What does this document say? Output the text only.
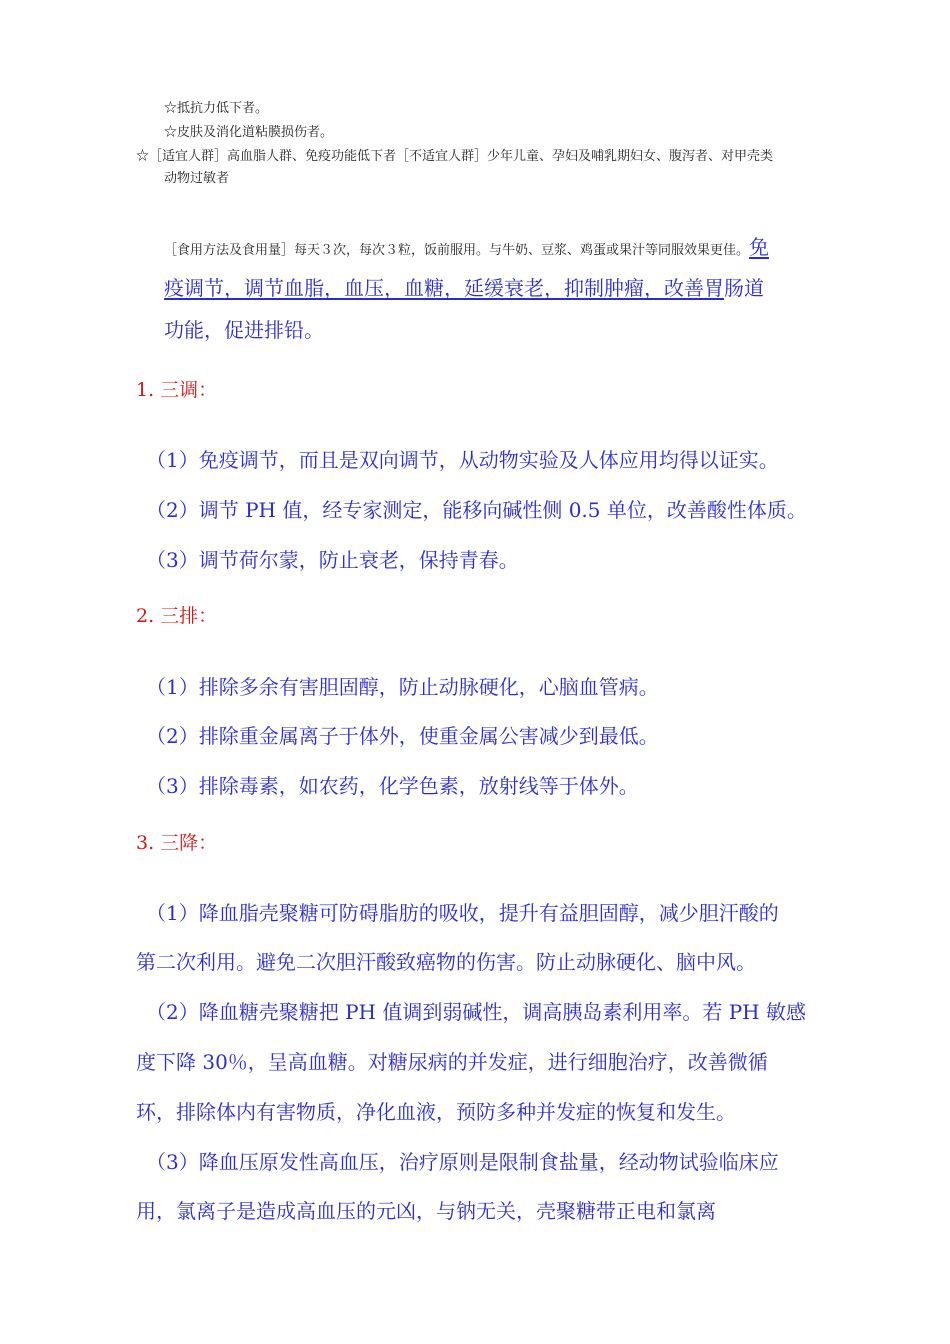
☆抵抗力低下者。
☆皮肤及消化道粘膜损伤者。
☆［适宜人群］高血脂人群、免疫功能低下者［不适宜人群］少年儿童、孕妇及哺乳期妇女、腹泻者、对甲壳类
动物过敏者
［食用方法及食用量］每天３次，每次３粒，饭前服用。与牛奶、豆浆、鸡蛋或果汁等同服效果更佳。免
疫调节，调节血脂，血压，血糖，延缓衰老，抑制肿瘤，改善胃肠道
功能，促进排铅。
1. 三调：
（1）免疫调节，而且是双向调节，从动物实验及人体应用均得以证实。
（2）调节 PH 值，经专家测定，能移向碱性侧 0.5 单位，改善酸性体质。
（3）调节荷尔蒙，防止衰老，保持青春。
2. 三排：
（1）排除多余有害胆固醇，防止动脉硬化，心脑血管病。
（2）排除重金属离子于体外，使重金属公害减少到最低。
（3）排除毒素，如农药，化学色素，放射线等于体外。
3. 三降：
（1）降血脂壳聚糖可防碍脂肪的吸收，提升有益胆固醇，减少胆汗酸的
第二次利用。避免二次胆汗酸致癌物的伤害。防止动脉硬化、脑中风。
（2）降血糖壳聚糖把 PH 值调到弱碱性，调高胰岛素利用率。若 PH 敏感
度下降 30％，呈高血糖。对糖尿病的并发症，进行细胞治疗，改善微循
环，排除体内有害物质，净化血液，预防多种并发症的恢复和发生。
（3）降血压原发性高血压，治疗原则是限制食盐量，经动物试验临床应
用，氯离子是造成高血压的元凶，与钠无关，壳聚糖带正电和氯离
